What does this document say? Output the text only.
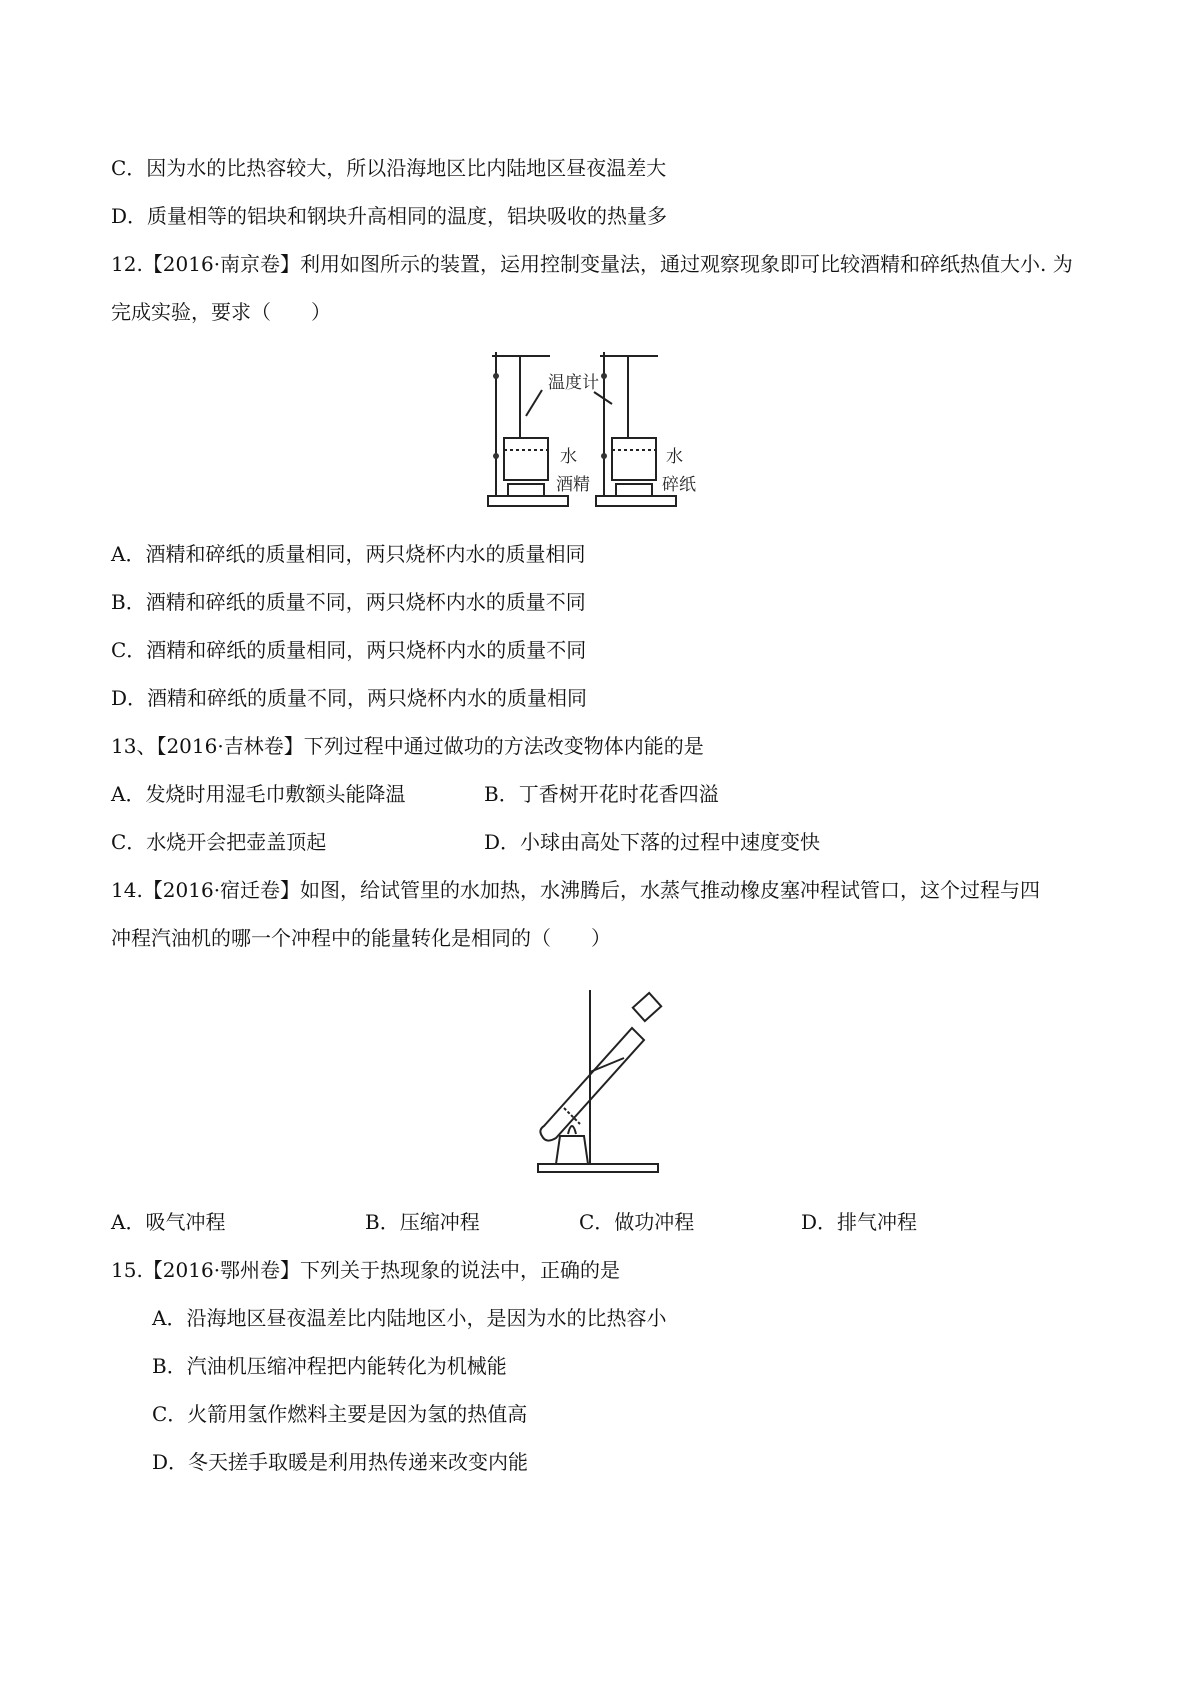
C．因为水的比热容较大，所以沿海地区比内陆地区昼夜温差大
D．质量相等的铝块和钢块升高相同的温度，铝块吸收的热量多
12.【2016·南京卷】利用如图所示的装置，运用控制变量法，通过观察现象即可比较酒精和碎纸热值大小. 为
完成实验，要求（　　）
温度计
水
酒精
水
碎纸
A．酒精和碎纸的质量相同，两只烧杯内水的质量相同
B．酒精和碎纸的质量不同，两只烧杯内水的质量不同
C．酒精和碎纸的质量相同，两只烧杯内水的质量不同
D．酒精和碎纸的质量不同，两只烧杯内水的质量相同
13、【2016·吉林卷】下列过程中通过做功的方法改变物体内能的是
A．发烧时用湿毛巾敷额头能降温	B．丁香树开花时花香四溢
C．水烧开会把壶盖顶起	D．小球由高处下落的过程中速度变快
14.【2016·宿迁卷】如图，给试管里的水加热，水沸腾后，水蒸气推动橡皮塞冲程试管口，这个过程与四
冲程汽油机的哪一个冲程中的能量转化是相同的（　　）
A．吸气冲程	B．压缩冲程	C．做功冲程	D．排气冲程
15.【2016·鄂州卷】下列关于热现象的说法中，正确的是
A．沿海地区昼夜温差比内陆地区小，是因为水的比热容小
B．汽油机压缩冲程把内能转化为机械能
C．火箭用氢作燃料主要是因为氢的热值高
D．冬天搓手取暖是利用热传递来改变内能
